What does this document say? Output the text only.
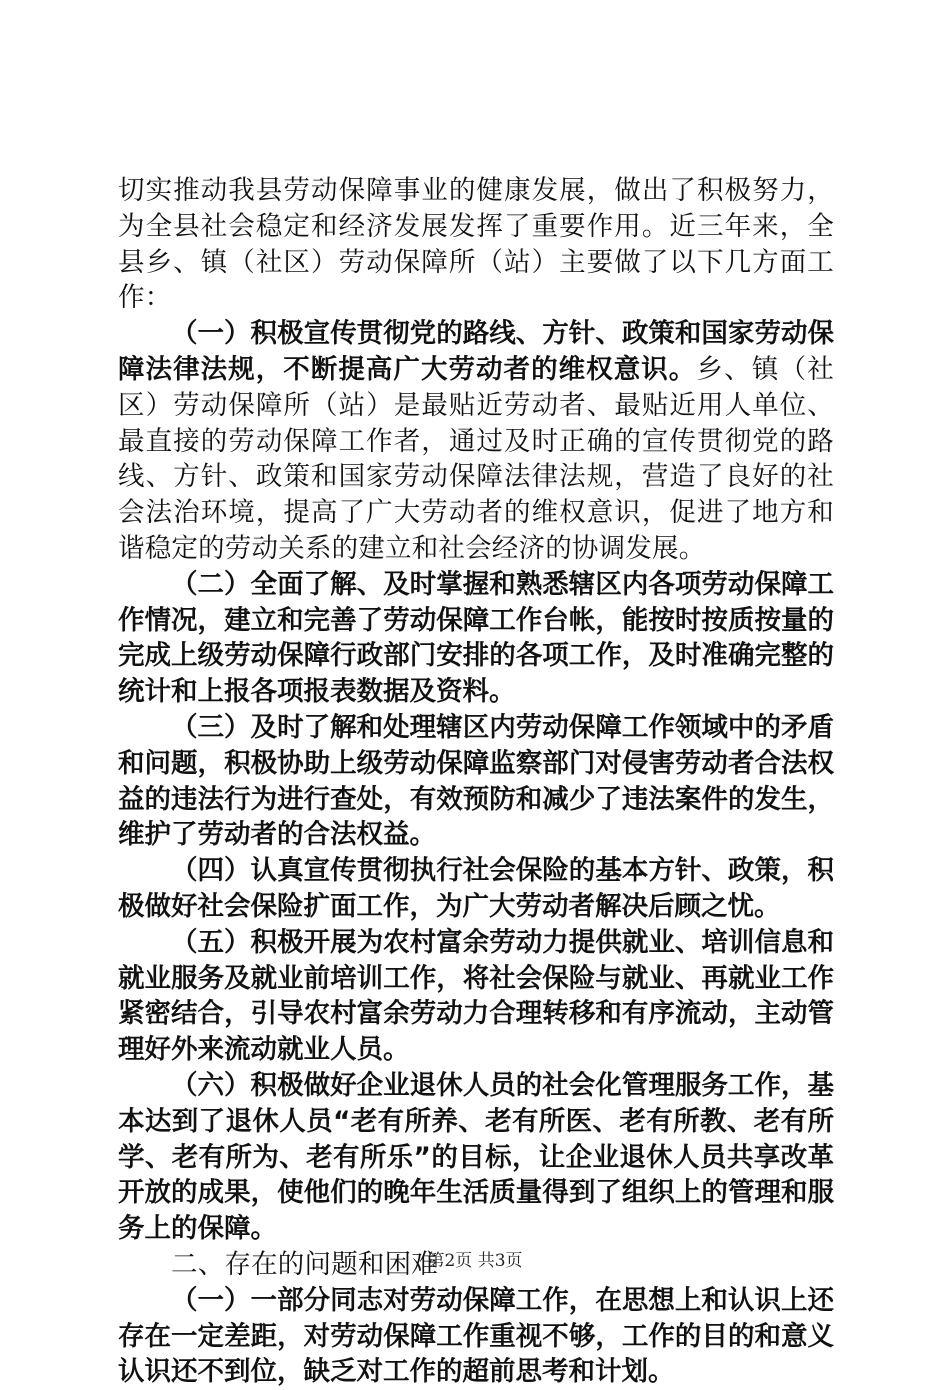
切实推动我县劳动保障事业的健康发展，做出了积极努力，为全县社会稳定和经济发展发挥了重要作用。近三年来，全县乡、镇（社区）劳动保障所（站）主要做了以下几方面工作：

（一）积极宣传贯彻党的路线、方针、政策和国家劳动保障法律法规，不断提高广大劳动者的维权意识。乡、镇（社区）劳动保障所（站）是最贴近劳动者、最贴近用人单位、最直接的劳动保障工作者，通过及时正确的宣传贯彻党的路线、方针、政策和国家劳动保障法律法规，营造了良好的社会法治环境，提高了广大劳动者的维权意识，促进了地方和谐稳定的劳动关系的建立和社会经济的协调发展。

（二）全面了解、及时掌握和熟悉辖区内各项劳动保障工作情况，建立和完善了劳动保障工作台帐，能按时按质按量的完成上级劳动保障行政部门安排的各项工作，及时准确完整的统计和上报各项报表数据及资料。

（三）及时了解和处理辖区内劳动保障工作领域中的矛盾和问题，积极协助上级劳动保障监察部门对侵害劳动者合法权益的违法行为进行查处，有效预防和减少了违法案件的发生，维护了劳动者的合法权益。

（四）认真宣传贯彻执行社会保险的基本方针、政策，积极做好社会保险扩面工作，为广大劳动者解决后顾之忧。

（五）积极开展为农村富余劳动力提供就业、培训信息和就业服务及就业前培训工作，将社会保险与就业、再就业工作紧密结合，引导农村富余劳动力合理转移和有序流动，主动管理好外来流动就业人员。

（六）积极做好企业退休人员的社会化管理服务工作，基本达到了退休人员“老有所养、老有所医、老有所教、老有所学、老有所为、老有所乐”的目标，让企业退休人员共享改革开放的成果，使他们的晚年生活质量得到了组织上的管理和服务上的保障。

二、存在的问题和困难

（一）一部分同志对劳动保障工作，在思想上和认识上还存在一定差距，对劳动保障工作重视不够，工作的目的和意义认识还不到位，缺乏对工作的超前思考和计划。

第2页 共3页
